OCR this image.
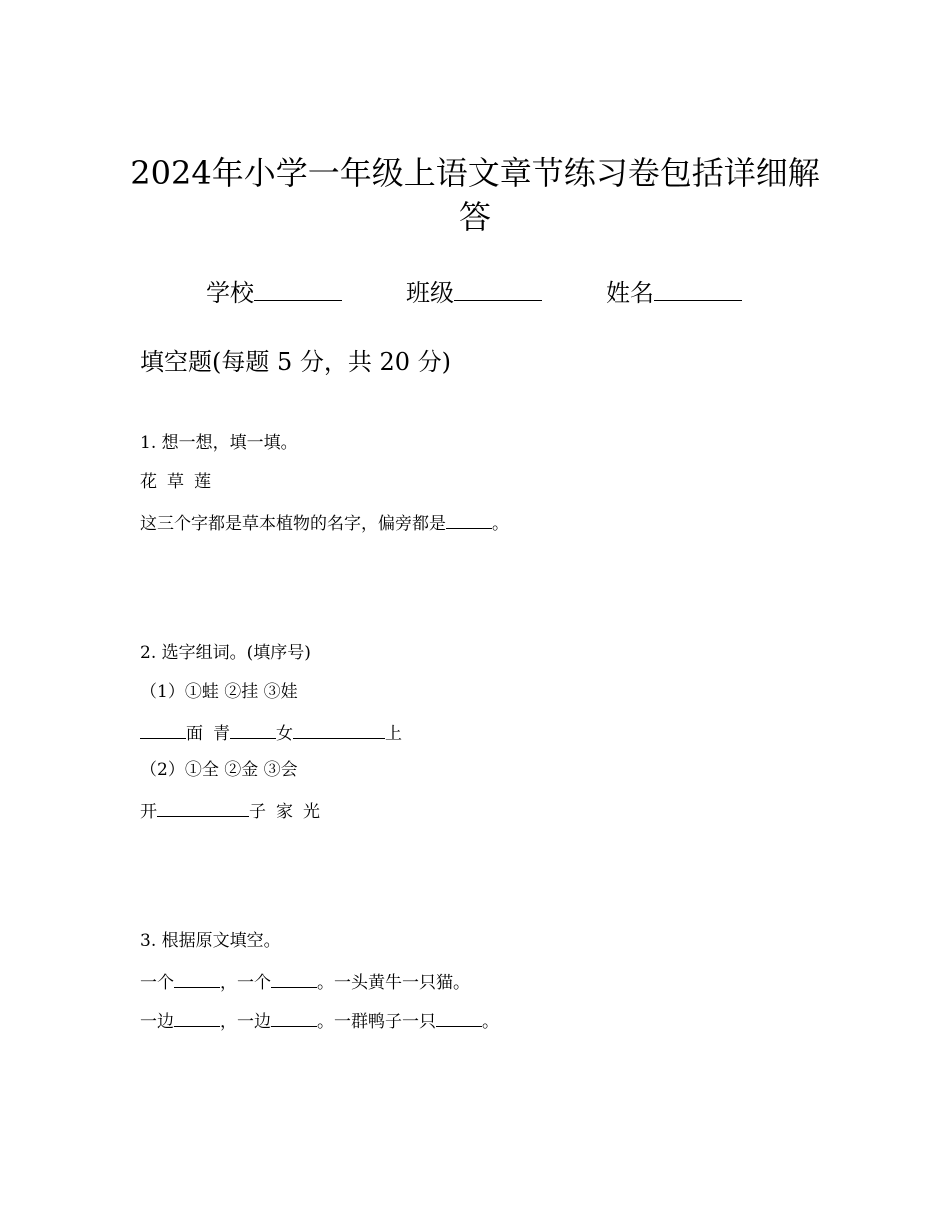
2024年小学一年级上语文章节练习卷包括详细解
答
学校	班级	姓名
填空题(每题 5 分，共 20 分)
1. 想一想，填一填。
花 草 莲
这三个字都是草本植物的名字，偏旁都是	。
2. 选字组词。(填序号)
（1）①蛙 ②挂 ③娃
面 青	女	上
（2）①全 ②金 ③会
开	子 家 光
3. 根据原文填空。
一个	，一个	。一头黄牛一只猫。
一边	，一边	。一群鸭子一只	。
